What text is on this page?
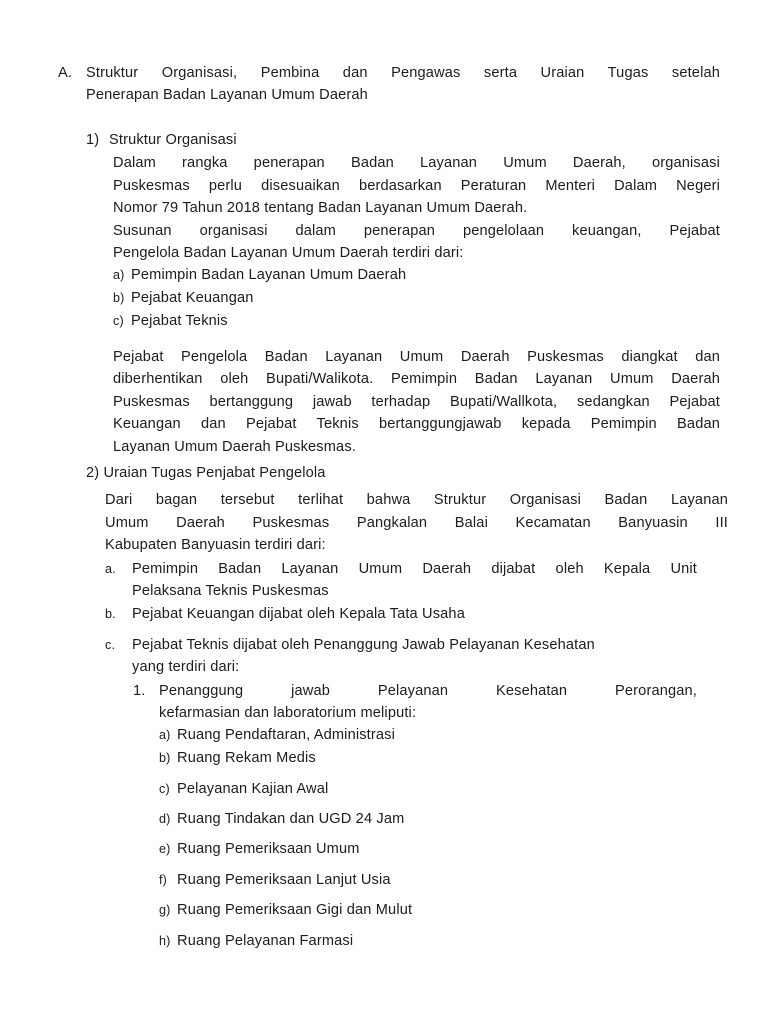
A. Struktur Organisasi, Pembina dan Pengawas serta Uraian Tugas setelah
Penerapan Badan Layanan Umum Daerah
1) Struktur Organisasi
Dalam rangka penerapan Badan Layanan Umum Daerah, organisasi
Puskesmas perlu disesuaikan berdasarkan Peraturan Menteri Dalam Negeri
Nomor 79 Tahun 2018 tentang Badan Layanan Umum Daerah.
Susunan organisasi dalam penerapan pengelolaan keuangan, Pejabat
Pengelola Badan Layanan Umum Daerah terdiri dari:
a) Pemimpin Badan Layanan Umum Daerah
b) Pejabat Keuangan
c) Pejabat Teknis
Pejabat Pengelola Badan Layanan Umum Daerah Puskesmas diangkat dan
diberhentikan oleh Bupati/Walikota. Pemimpin Badan Layanan Umum Daerah
Puskesmas bertanggung jawab terhadap Bupati/Wallkota, sedangkan Pejabat
Keuangan dan Pejabat Teknis bertanggungjawab kepada Pemimpin Badan
Layanan Umum Daerah Puskesmas.
2) Uraian Tugas Penjabat Pengelola
Dari bagan tersebut terlihat bahwa Struktur Organisasi Badan Layanan
Umum Daerah Puskesmas Pangkalan Balai Kecamatan Banyuasin III
Kabupaten Banyuasin terdiri dari:
a. Pemimpin Badan Layanan Umum Daerah dijabat oleh Kepala Unit
Pelaksana Teknis Puskesmas
b. Pejabat Keuangan dijabat oleh Kepala Tata Usaha
c. Pejabat Teknis dijabat oleh Penanggung Jawab Pelayanan Kesehatan
yang terdiri dari:
1. Penanggung jawab Pelayanan Kesehatan Perorangan,
kefarmasian dan laboratorium meliputi:
a) Ruang Pendaftaran, Administrasi
b) Ruang Rekam Medis
c) Pelayanan Kajian Awal
d) Ruang Tindakan dan UGD 24 Jam
e) Ruang Pemeriksaan Umum
f) Ruang Pemeriksaan Lanjut Usia
g) Ruang Pemeriksaan Gigi dan Mulut
h) Ruang Pelayanan Farmasi
